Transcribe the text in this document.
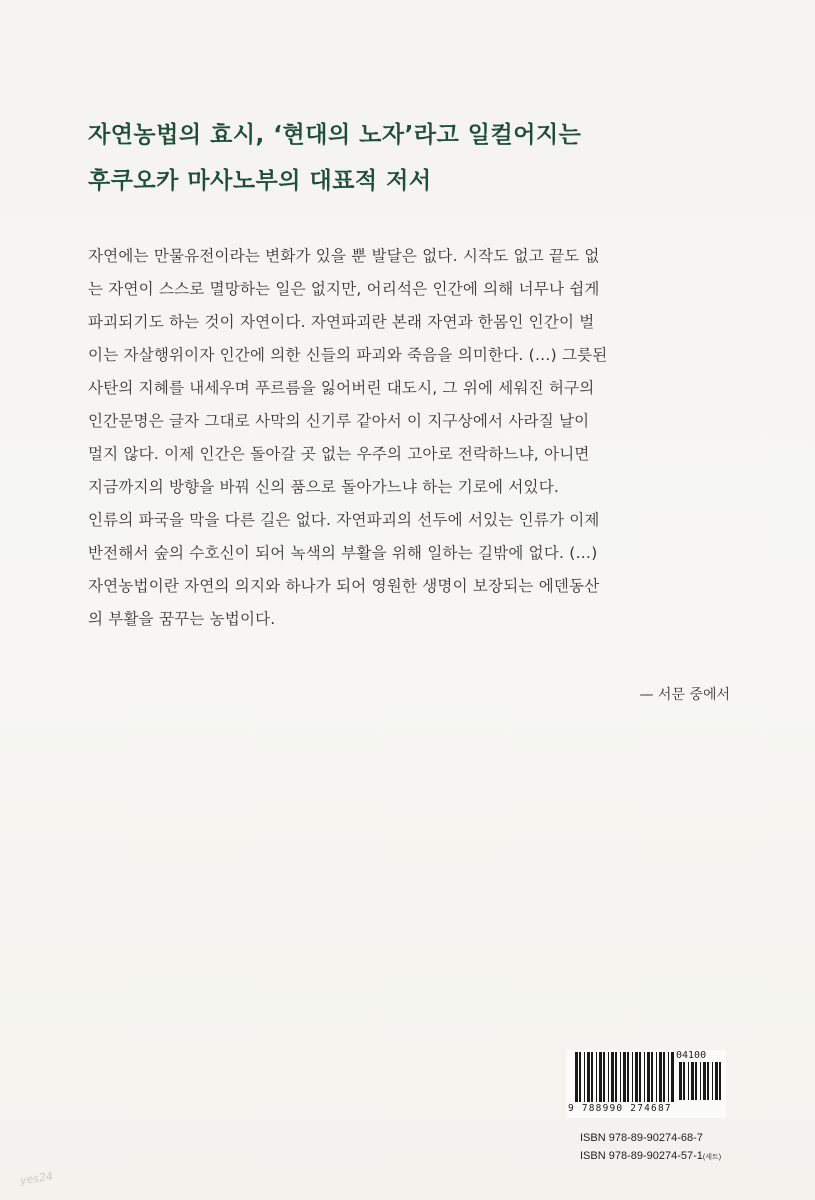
자연농법의 효시, ‘현대의 노자’라고 일컬어지는
후쿠오카 마사노부의 대표적 저서
자연에는 만물유전이라는 변화가 있을 뿐 발달은 없다. 시작도 없고 끝도 없
는 자연이 스스로 멸망하는 일은 없지만, 어리석은 인간에 의해 너무나 쉽게
파괴되기도 하는 것이 자연이다. 자연파괴란 본래 자연과 한몸인 인간이 벌
이는 자살행위이자 인간에 의한 신들의 파괴와 죽음을 의미한다. (…) 그릇된
사탄의 지혜를 내세우며 푸르름을 잃어버린 대도시, 그 위에 세워진 허구의
인간문명은 글자 그대로 사막의 신기루 같아서 이 지구상에서 사라질 날이
멀지 않다. 이제 인간은 돌아갈 곳 없는 우주의 고아로 전락하느냐, 아니면
지금까지의 방향을 바꿔 신의 품으로 돌아가느냐 하는 기로에 서있다.
인류의 파국을 막을 다른 길은 없다. 자연파괴의 선두에 서있는 인류가 이제
반전해서 숲의 수호신이 되어 녹색의 부활을 위해 일하는 길밖에 없다. (…)
자연농법이란 자연의 의지와 하나가 되어 영원한 생명이 보장되는 에덴동산
의 부활을 꿈꾸는 농법이다.
— 서문 중에서
04100
9 788990 274687
ISBN 978-89-90274-68-7
ISBN 978-89-90274-57-1(세트)
yes24
